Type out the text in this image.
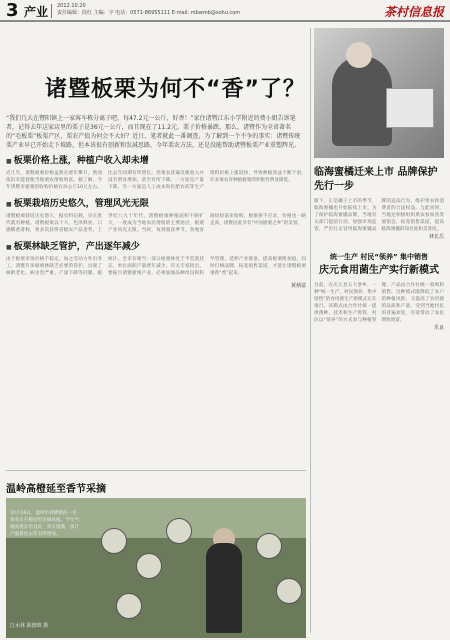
3 产业 2012.10.20
责任编辑：段红 主编：宇 电话：0571-86955111 E-mail: mbwmb@sohu.com	茶村信息报
诸暨板栗为何不“香”了？
“我们几大在暨阳镇上一家客车栋分离子吧，每47.2元一公斤，好香！”家住诸暨江东小学附近的费小姐告诉笔者，记得去年这家店里的栗子是36元一公斤，而且现在了11.2元。栗子价格暴跌，那么，诸暨作为全省著名的“毛板栗”板栗产区，栗农产值为何会不大好？近日，笔者就此一番调查，为了解到一个不争的事实：诸暨传统栗产业早已开始走下坡路，但本该很有创新和发减思路，今年栗农方法，还是没能帮助诸暨板栗产业重塑辉光。
■ 板栗价格上涨，种植户收入却未增
近几年，诸暨板栗价格虽然在逐年攀升，然而依旧未能促使当地栗农增收致富。据了解，今年诸暨市板栗的收购价格在每公斤10元左右，比去年同期有所增长，但栗农普遍反映收入并没有明显增加，甚至有所下降。一方面是产量下降，另一方面是人工成本和化肥农药等生产资料价格上涨较快，导致种植效益不断下滑，许多栗农对种植板栗的积极性明显降低。
■ 板栗栽培历史悠久，管理风光无限
诸暨板栗栽培历史悠久，据史料记载，早在唐代就有种植。诸暨板栗以个大、色泽鲜亮、口感糯香著称，曾多次获得省级农产品金奖。上世纪八九十年代，诸暨板栗种植面积不断扩大，一度成为当地农民增收的主要途径，板栗产业风光无限。当时，每到收获季节，各地客商纷纷前来收购，板栗供不应求，价格也一路走高，诸暨因此享有“中国板栗之乡”的美誉。
■ 板栗林缺乏管护，产出逐年减少
由于板栗市场价格不稳定，加之劳动力外出务工，诸暨许多板栗林缺乏必要的管护，出现了树龄老化、病虫害严重、产量下降等问题。据统计，全市有相当一部分板栗林处于半荒废状态，单位面积产量逐年减少。有关专家指出，要振兴诸暨板栗产业，必须加强品种改良和科学管理，延伸产业链条，提高板栗附加值，同时打响品牌，拓宽销售渠道，才能让诸暨板栗重新“香”起来。
黄炳富
临海蜜橘迁来上市 品牌保护先行一步
眼下，正是橘子上市的季节，临海蜜橘也开始陆续上市。为了保护临海蜜橘品牌，当地有关部门提前行动，加强市场监管，严厉打击冒用临海蜜橘品牌的违法行为，维护果农和消费者的合法权益。与此同时，当地还积极组织果农参加各类展销会，拓宽销售渠道，提高临海蜜橘的知名度和美誉度。
林长岳
统一生产 村民“领养” 集中销售
庆元食用菌生产实行新模式
目前，在庆元县五大堡乡，一种“统一生产、村民领养、集中销售”的食用菌生产新模式正在推行。该模式由合作社统一提供菌种、技术和生产资料，村民以“领养”的方式参与种植管理，产品由合作社统一收购和销售。这种模式既降低了农户的种植风险，又提高了食用菌的品质和产量，受到当地村民的普遍欢迎，有效带动了农民增收致富。
乐良
温岭高橙延至香节采摘
10月16日，温岭市箬横镇的一位果农正在橙园里采摘高橙。今年当地高橙长势良好，果实饱满，预计产量将比去年有所增加。
江水林 陈德锦 摄
